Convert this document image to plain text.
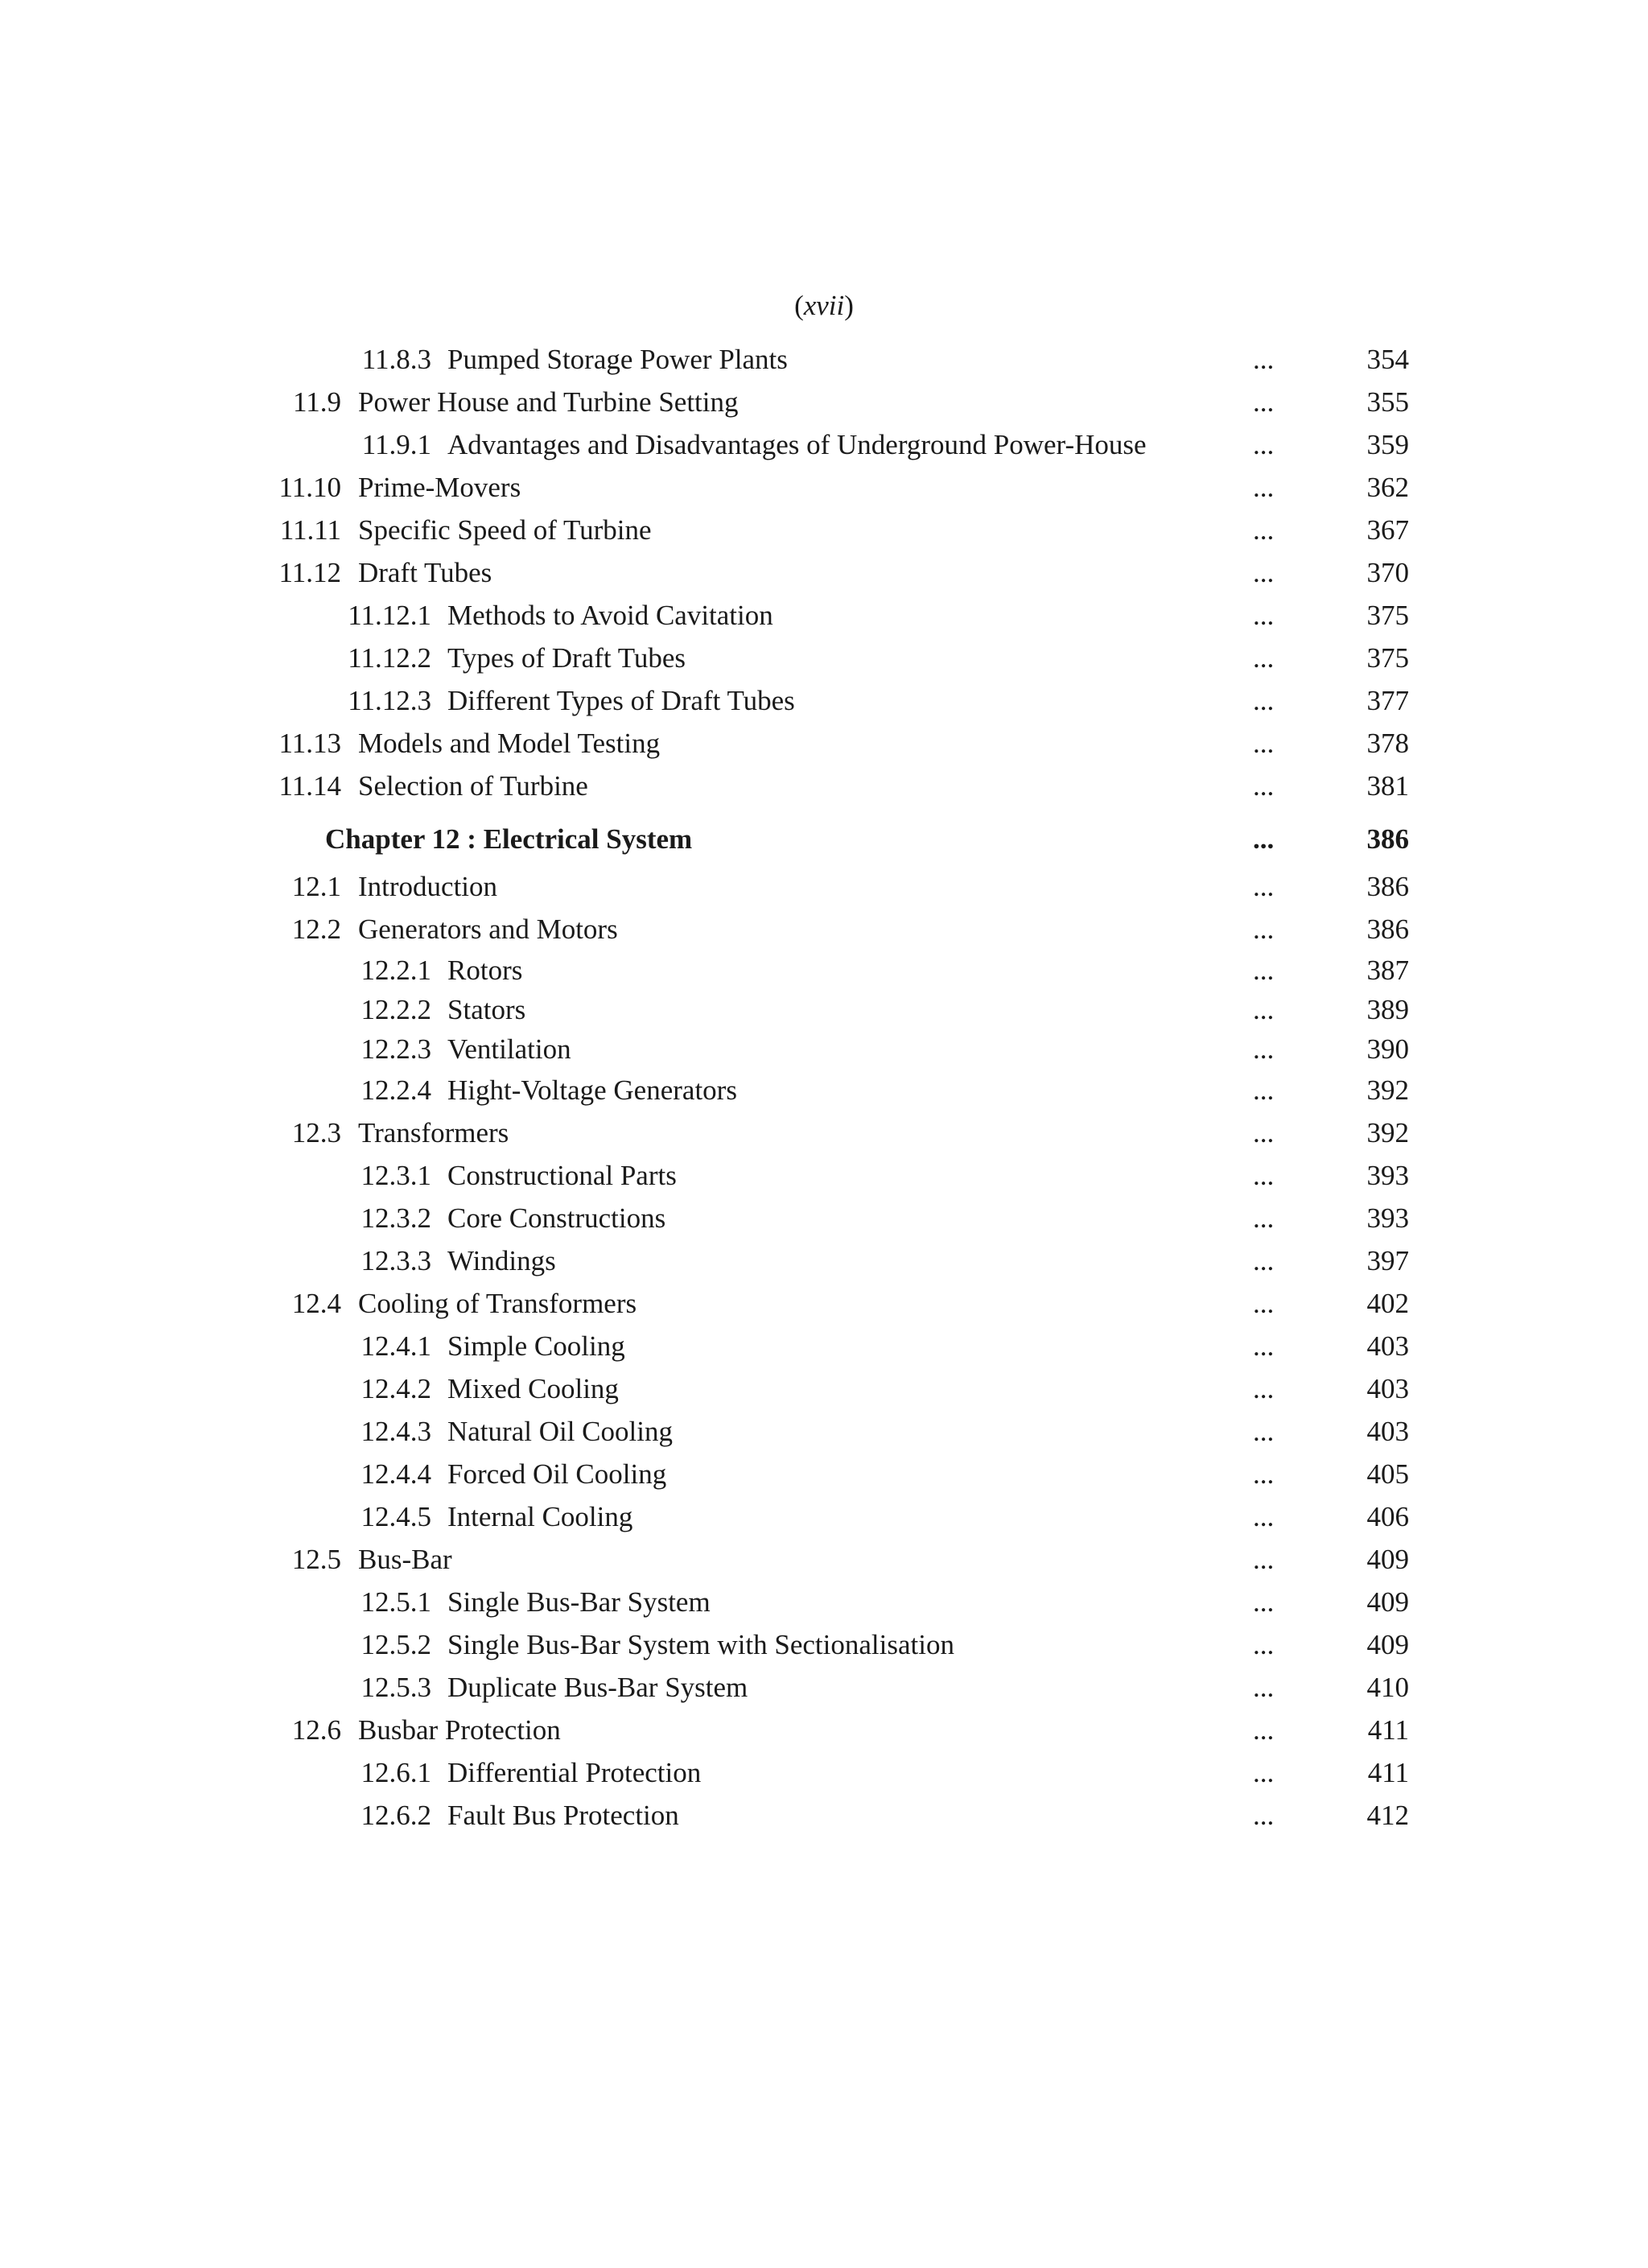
(xvii)
11.8.3 Pumped Storage Power Plants	...	354
11.9 Power House and Turbine Setting	...	355
11.9.1 Advantages and Disadvantages of Underground Power-House	...	359
11.10 Prime-Movers	...	362
11.11 Specific Speed of Turbine	...	367
11.12 Draft Tubes	...	370
11.12.1 Methods to Avoid Cavitation	...	375
11.12.2 Types of Draft Tubes	...	375
11.12.3 Different Types of Draft Tubes	...	377
11.13 Models and Model Testing	...	378
11.14 Selection of Turbine	...	381
Chapter 12 : Electrical System	...	386
12.1 Introduction	...	386
12.2 Generators and Motors	...	386
12.2.1 Rotors	...	387
12.2.2 Stators	...	389
12.2.3 Ventilation	...	390
12.2.4 Hight-Voltage Generators	...	392
12.3 Transformers	...	392
12.3.1 Constructional Parts	...	393
12.3.2 Core Constructions	...	393
12.3.3 Windings	...	397
12.4 Cooling of Transformers	...	402
12.4.1 Simple Cooling	...	403
12.4.2 Mixed Cooling	...	403
12.4.3 Natural Oil Cooling	...	403
12.4.4 Forced Oil Cooling	...	405
12.4.5 Internal Cooling	...	406
12.5 Bus-Bar	...	409
12.5.1 Single Bus-Bar System	...	409
12.5.2 Single Bus-Bar System with Sectionalisation	...	409
12.5.3 Duplicate Bus-Bar System	...	410
12.6 Busbar Protection	...	411
12.6.1 Differential Protection	...	411
12.6.2 Fault Bus Protection	...	412
